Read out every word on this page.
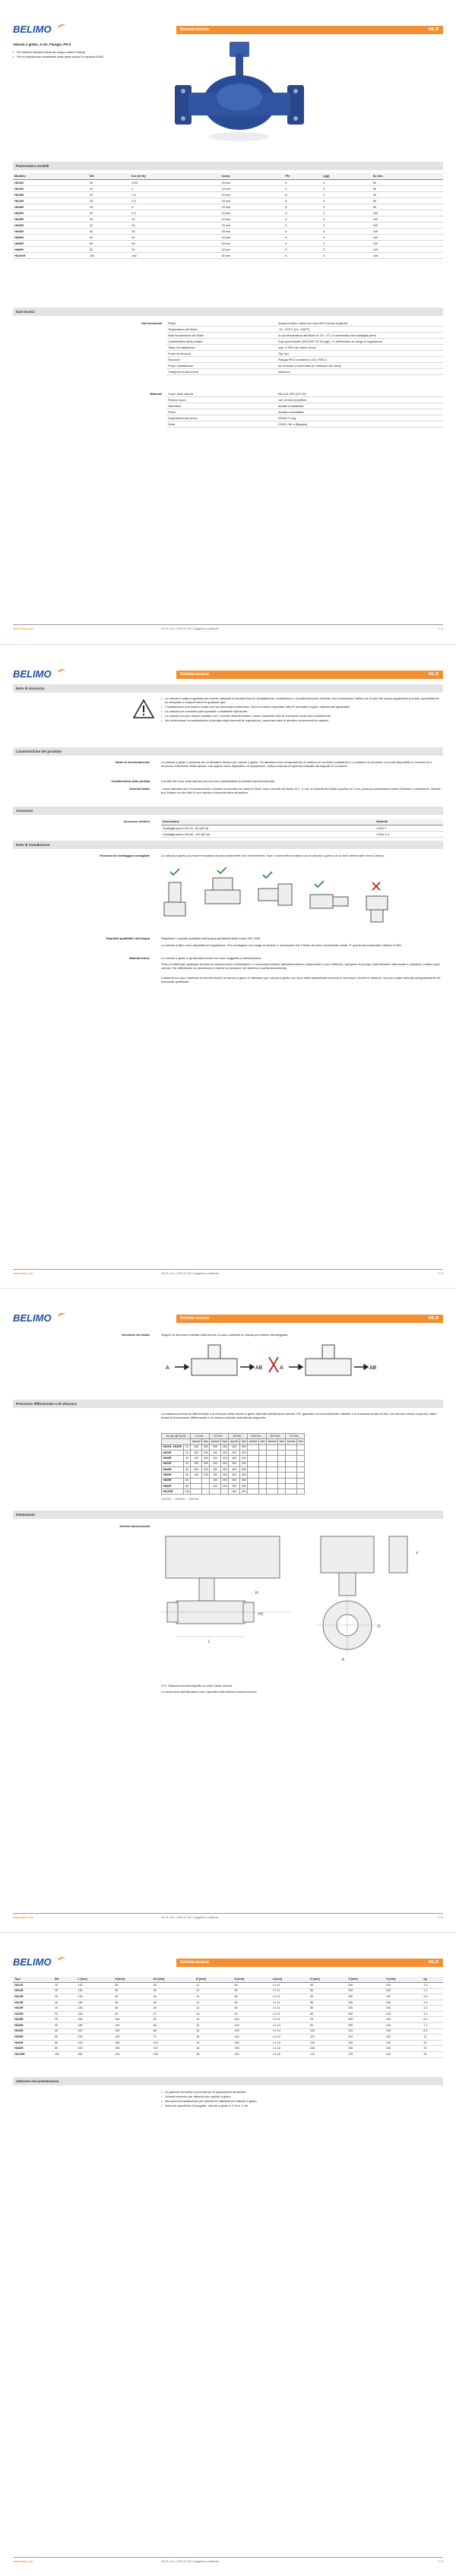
BELIMO	Scheda tecnica	H6..R
Valvola a globo, 2-vie, Flangia, PN 6
• Per sistemi idraulici chiusi ad acqua calda e fredda
• Per la regolazione modulante della parte acqua in impianti HVAC
Panoramica modelli
Modello	DN	kvs [m³/h]	Corsa	PN	n(gl)	Sv min.
H611R	15	0.63	15 mm	6	3	50
H612R	15	1	15 mm	6	3	50
H613R	15	1.6	15 mm	6	3	50
H614R	15	2.5	15 mm	6	3	50
H615R	15	4	15 mm	6	3	50
H620R	20	6.3	15 mm	6	3	100
H625R	25	10	15 mm	6	3	100
H632R	32	16	15 mm	6	3	100
H640R	40	25	15 mm	6	3	100
H650R	50	40	15 mm	6	3	100
H665R	65	58	18 mm	6	3	100
H680R	80	90	18 mm	6	3	100
H6100R	100	145	30 mm	6	3	100
Dati tecnici
Dati funzionali	Fluido	Acqua fredda e calda con max 50% volume di glicole
	Temperatura del fluido	-10...120°C [14...248°F]
	Note temperatura del fluido	A una temperatura del fluido di -10...2°C, è necessaria una scaldiglia perno
	Caratteristica della portata	Equi percentuale (VDI/VDE 2173) n(gl) = 3, ottimizzata nel range di regolazione
	Tasso di trafilamento	max. 0.05% del valore di kvs
	Punto di chiusura	Top (▲)
	Raccordi	Flangia PN 6 conforme a ISO 7005-2
	Posiz. installazione	da verticale a orizzontale (in relazione allo stelo)
	Categoria di documenti	Nessuna
Materiali	Corpo della valvola	EN-GJL-250 (GG 25)
	Finitura corpo	con vernice protettiva
	Otturatore	acciaio inossidabile
	Perno	Acciaio inossidabile
	Guarnizione del perno	EPDM O-ring
	Sede	GG25 / Ni+o (Bypass)
www.belimo.com	H6..R • it-it • 2022-07-26 • Soggetta a modifiche	1 / 4
BELIMO	Scheda tecnica	H6..R
Note di sicurezza
• La valvola è stata progettata per essere utilizzata in impianti fissi di riscaldamento, ventilazione e condizionamento dell'aria; non è permesso l'utilizzo al di fuori del campo applicativo previsto, specialmente su aeroplani o trasporti aerei di qualsiasi tipo.
• L'installazione può essere svolta solo da personale autorizzato. Devono essere rispettate tutte le normative legali o istituzionali applicabili.
• La valvola non contiene parti riparabili o sostituibili dall'utente.
• La valvola non può essere smaltita con i normali rifiuti domestici. Vanno rispettate tutte le normative locali sullo smaltimento.
• Nel determinare la caratteristica di portata degli elementi di regolazione, osservare tutte le direttive concernenti la materia.
Caratteristiche del prodotto
Modo di funzionamento	La valvola a globo è azionata da un attuatore lineare per valvole a globo. Gli attuatori sono comandati da un sistema di controllo modulante o un sistema di comando a 3 punti disponibile in commercio e muovono l'otturatore della valvola, che agisce come dispositivo di regolazione, nella posizione di apertura indicata dal segnale di comando.
Caratteristica della portata	Il profilo del cono della valvola provoca una caratteristica di portata equi-percentuale.
Velocità fluido	I valori standard per il funzionamento a bassa rumorosità nei sistemi HVAC sono velocità del fluido di 1...2 m/s. A velocità del fluido superiori a 2 m/s, possono presentarsi rumori di flusso e cavitazione. Queste può limitare la vita utile di una valvola a seconda della situazione.
Accessori
Accessori elettrici	Descrizione	Modello
Scaldiglia perno DN 15...50 (45 W)	ZH24-T
Scaldiglia perno DN 65...100 (60 W)	ZH24-1-C
Note di installazione
Posizioni di montaggio consigliate	La valvola a globo può essere montata sia orizzontalmente che verticalmente. Non è consentito montarla con la valvola a globo con lo stelo direzionato verso il basso.
Requisiti qualitativi dell'acqua	Rispettare i requisiti qualitativi dell'acqua specificati nella norma VDI 2035.
Le valvole a Belo sono dispositivi di regolazione. Per conseguire una lunga di servizio è necessario che il fluido sia privo di particelle solide. E' quindi raccomandato l'utilizzo di filtri.
Manutenzione	Le valvole a globo e gli attuatori lineari non sono soggette a manutenzione
Prima di effettuare qualsiasi servizio di manutenzione sull'attuatore, è necessario isolarlo dall'alimentazione (staccando il cavo elettrico). Spegnere le pompe nelle tubature interessate e chiudere i relativi corpi valvola. Far raffreddare se necessario e ridurre la pressione nel sistema a quella atmosferica).
Il sistema non può rimettersi in servizio finché la valvola a globo e l'attuatore per valvola a globo non sono stati riassemblati secondo le istruzioni e finché le tubature non sono state riempite adeguatamente da personale qualificato.
www.belimo.com	H6..R • it-it • 2022-07-26 • Soggetta a modifiche	2 / 4
BELIMO	Scheda tecnica	H6..R
Direzione del fluido	Seguire la direzione indicata dalla freccia, in caso contrario la valvola può essere danneggiata.
A	AB	A	AB
Pressione differenziale e di chiusura
La massima pressione differenziale e di chiusura della valvola a globo dipende dall'attuatore lineare. Per garantire un funzionamento ottimale e la massima durata di vita, non devono essere superati i valori massimi di pressione differenziale e di chiusura indicati nella tabella seguente.
Δp ∆ps [kPa] DN		LV24A...		NV24A...		AV24A...		NVK24A...		AVK24A...		EV24A...	
		Δpmax	Δps	Δpmax	Δps	Δpmax	Δps	Δpmax	Δps	Δpmax	Δps	Δpmax	Δps
H611R...H615R	15	400	400	400	400	400	400						
H620R	20	400	400	400	400	400	400						
H625R	25	400	400	400	400	400	400						
H632R	32	300	350	400	400	400	400						
H640R	40	200	250	400	400	400	400						
H650R	50	150	150	320	350	400	400						
H665R	65			150	200	300	350						
H680R	80			100	150	250	250						
H6100R	100					150	200						
EVK24A... · AVK24A... · AVK24A...
Dimensioni
Schemi dimensionali
L
H
H1
D
Y
K
N.P.: Distanza minima rispetto al centro della valvola.
Le dimensioni dell'attuatore sono riportate nella relativa scheda tecnica.
www.belimo.com	H6..R • it-it • 2022-07-26 • Soggetta a modifiche	3 / 4
BELIMO	Scheda tecnica	H6..R
Tipo	DN	L [mm]	H [mm]	H1 [mm]	B [mm]	D [mm]	d [mm]	K [mm]	X [mm]	Y [mm]	kg
H611R	15	130	80	46	12	80	4 x 11	55	290	100	3.2
H612R	15	130	80	46	12	80	4 x 11	55	290	100	3.2
H613R	15	130	80	46	12	80	4 x 11	55	290	100	3.2
H614R	15	130	80	46	12	80	4 x 11	55	290	100	3.2
H615R	15	130	80	46	12	80	4 x 11	55	290	100	3.2
H620R	20	150	90	47	14	90	4 x 11	65	290	100	4.2
H625R	25	160	100	52	14	100	4 x 11	75	300	100	5.1
H632R	32	180	120	60	14	120	4 x 14	90	300	100	7.1
H640R	40	200	130	66	16	130	4 x 14	100	310	100	8.5
H650R	50	230	140	72	16	140	4 x 14	110	310	100	11
H665R	65	290	160	100	16	160	4 x 14	130	330	100	16
H680R	80	310	190	110	18	190	4 x 18	150	330	100	24
H6100R	100	350	210	135	18	210	4 x 18	170	475	120	35
Ulteriore documentazione
• La gamma completa di prodotti per le applicazioni idrauliche
• Schede tecniche per attuatori per valvole a globo
• Istruzioni di installazione per valvole e/o attuatori per valvole a globo
• Note per specifiche di progetto, valvole a globo a 2 vie e 3 vie
www.belimo.com	H6..R • it-it • 2022-07-26 • Soggetta a modifiche	4 / 4
